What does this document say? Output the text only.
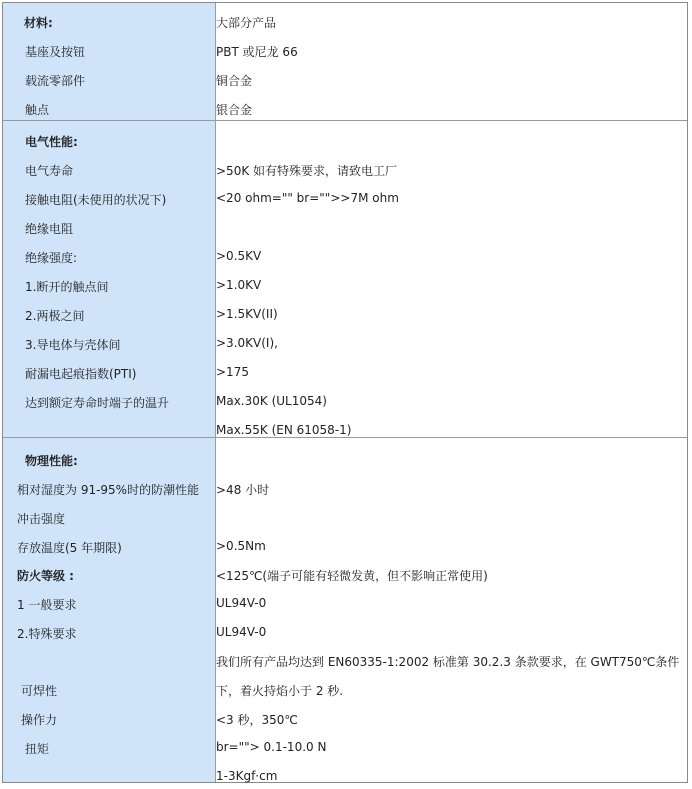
材料:	大部分产品
基座及按钮	PBT 或尼龙 66
载流零部件	铜合金
触点	银合金
电气性能:
电气寿命	>50K 如有特殊要求，请致电工厂
接触电阻(未使用的状况下)	<20 ohm="" br="">>7M ohm
绝缘电阻
绝缘强度:	>0.5KV
1.断开的触点间	>1.0KV
2.两极之间	>1.5KV(II)
3.导电体与壳体间	>3.0KV(I),
耐漏电起痕指数(PTI)	>175
达到额定寿命时端子的温升	Max.30K (UL1054)
Max.55K (EN 61058-1)
物理性能:
相对湿度为 91-95%时的防潮性能 >48 小时
冲击强度
存放温度(5 年期限)	>0.5Nm
防火等级 :	<125℃(端子可能有轻微发黄，但不影响正常使用)
1 一般要求	UL94V-0
2.特殊要求	UL94V-0
我们所有产品均达到 EN60335-1:2002 标准第 30.2.3 条款要求，在 GWT750℃条件
可焊性	下，着火持焰小于 2 秒.
操作力	<3 秒，350℃
扭矩	br=""> 0.1-10.0 N
1-3Kgf·cm
